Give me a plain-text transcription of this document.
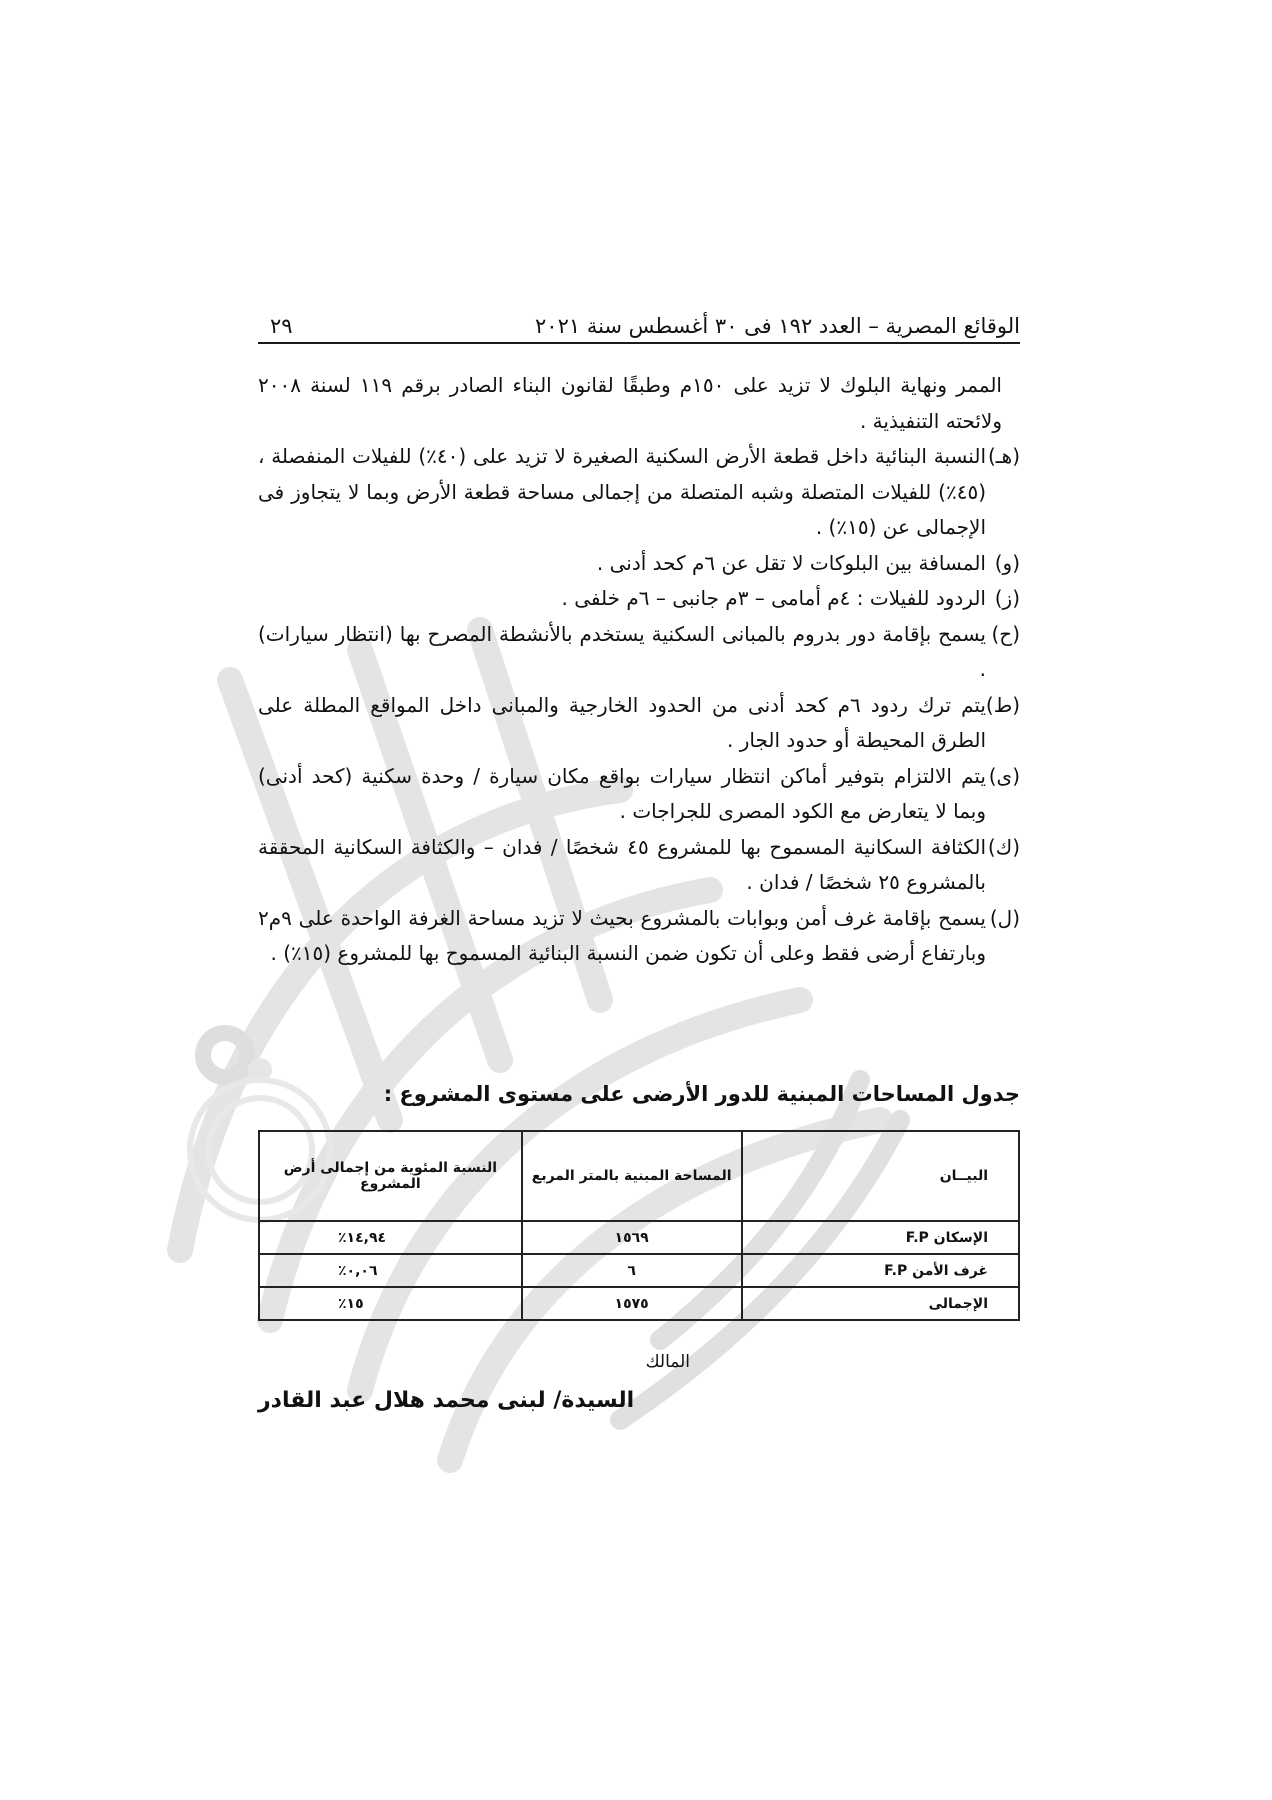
الوقائع المصرية – العدد ١٩٢ فى ٣٠ أغسطس سنة ٢٠٢١
٢٩
الممر ونهاية البلوك لا تزيد على ١٥٠م وطبقًا لقانون البناء الصادر برقم ١١٩ لسنة ٢٠٠٨ ولائحته التنفيذية .
(هـ)
النسبة البنائية داخل قطعة الأرض السكنية الصغيرة لا تزيد على (٤٠٪) للفيلات المنفصلة ، (٤٥٪) للفيلات المتصلة وشبه المتصلة من إجمالى مساحة قطعة الأرض وبما لا يتجاوز فى الإجمالى عن (١٥٪) .
(و)
المسافة بين البلوكات لا تقل عن ٦م كحد أدنى .
(ز)
الردود للفيلات : ٤م أمامى – ٣م جانبى – ٦م خلفى .
(ح)
يسمح بإقامة دور بدروم بالمبانى السكنية يستخدم بالأنشطة المصرح بها (انتظار سيارات) .
(ط)
يتم ترك ردود ٦م كحد أدنى من الحدود الخارجية والمبانى داخل المواقع المطلة على الطرق المحيطة أو حدود الجار .
(ى)
يتم الالتزام بتوفير أماكن انتظار سيارات بواقع مكان سيارة / وحدة سكنية (كحد أدنى) وبما لا يتعارض مع الكود المصرى للجراجات .
(ك)
الكثافة السكانية المسموح بها للمشروع ٤٥ شخصًا / فدان – والكثافة السكانية المحققة بالمشروع ٢٥ شخصًا / فدان .
(ل)
يسمح بإقامة غرف أمن وبوابات بالمشروع بحيث لا تزيد مساحة الغرفة الواحدة على ٩م٢ وبارتفاع أرضى فقط وعلى أن تكون ضمن النسبة البنائية المسموح بها للمشروع (١٥٪) .
جدول المساحات المبنية للدور الأرضى على مستوى المشروع :
البيــان	المساحة المبنية بالمتر المربع	النسبة المئوية من إجمالى أرض المشروع
الإسكان F.P	١٥٦٩	١٤,٩٤٪
غرف الأمن F.P	٦	٠,٠٦٪
الإجمالى	١٥٧٥	١٥٪
المالك
السيدة/ لبنى محمد هلال عبد القادر
